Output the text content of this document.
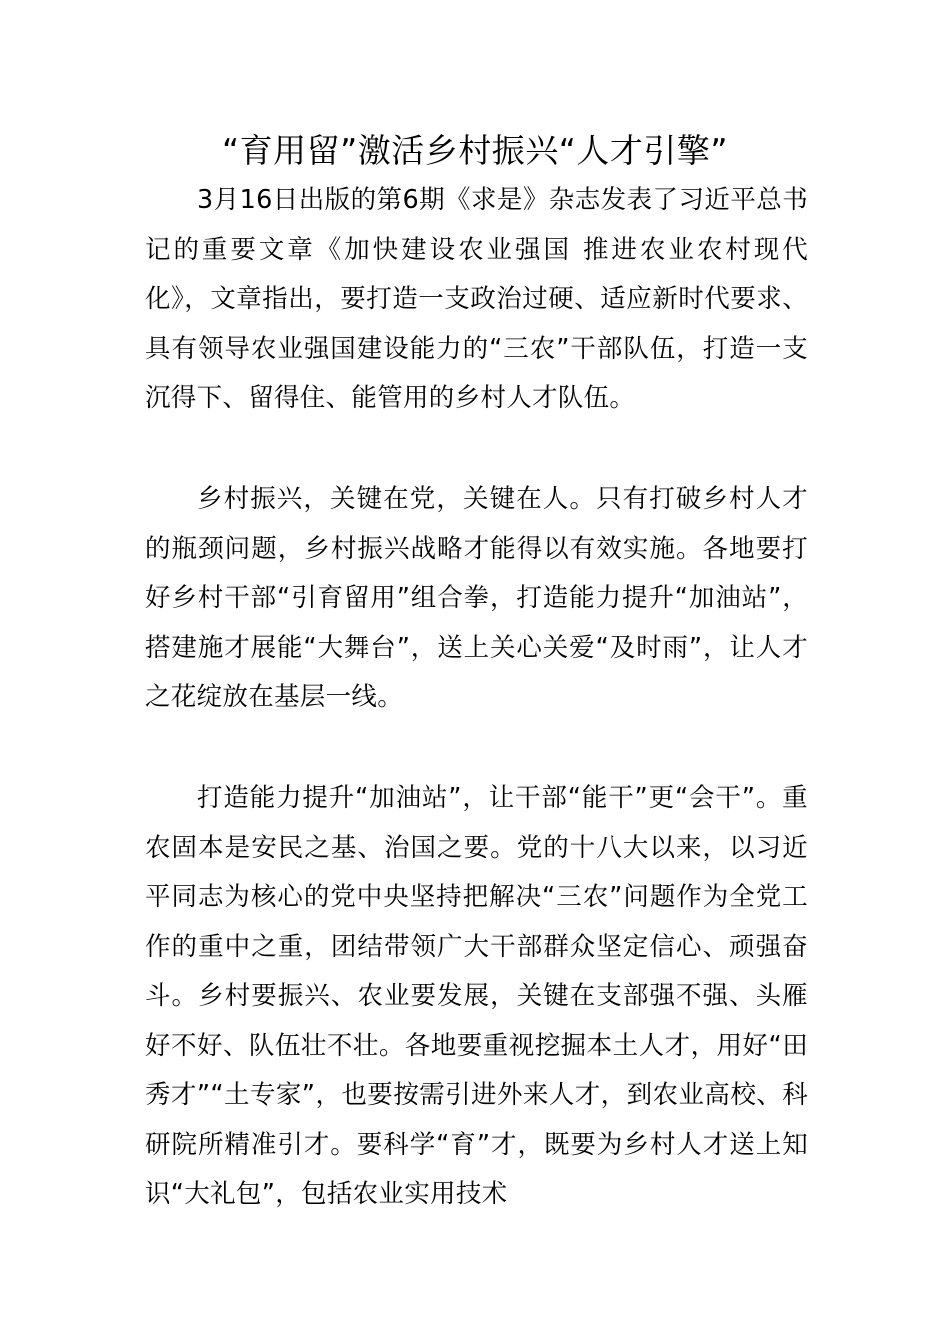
“育用留”激活乡村振兴“人才引擎”

3月16日出版的第6期《求是》杂志发表了习近平总书记的重要文章《加快建设农业强国 推进农业农村现代化》，文章指出，要打造一支政治过硬、适应新时代要求、具有领导农业强国建设能力的“三农”干部队伍，打造一支沉得下、留得住、能管用的乡村人才队伍。

乡村振兴，关键在党，关键在人。只有打破乡村人才的瓶颈问题，乡村振兴战略才能得以有效实施。各地要打好乡村干部“引育留用”组合拳，打造能力提升“加油站”，搭建施才展能“大舞台”，送上关心关爱“及时雨”，让人才之花绽放在基层一线。

打造能力提升“加油站”，让干部“能干”更“会干”。重农固本是安民之基、治国之要。党的十八大以来，以习近平同志为核心的党中央坚持把解决“三农”问题作为全党工作的重中之重，团结带领广大干部群众坚定信心、顽强奋斗。乡村要振兴、农业要发展，关键在支部强不强、头雁好不好、队伍壮不壮。各地要重视挖掘本土人才，用好“田秀才”“土专家”，也要按需引进外来人才，到农业高校、科研院所精准引才。要科学“育”才，既要为乡村人才送上知识“大礼包”，包括农业实用技术
